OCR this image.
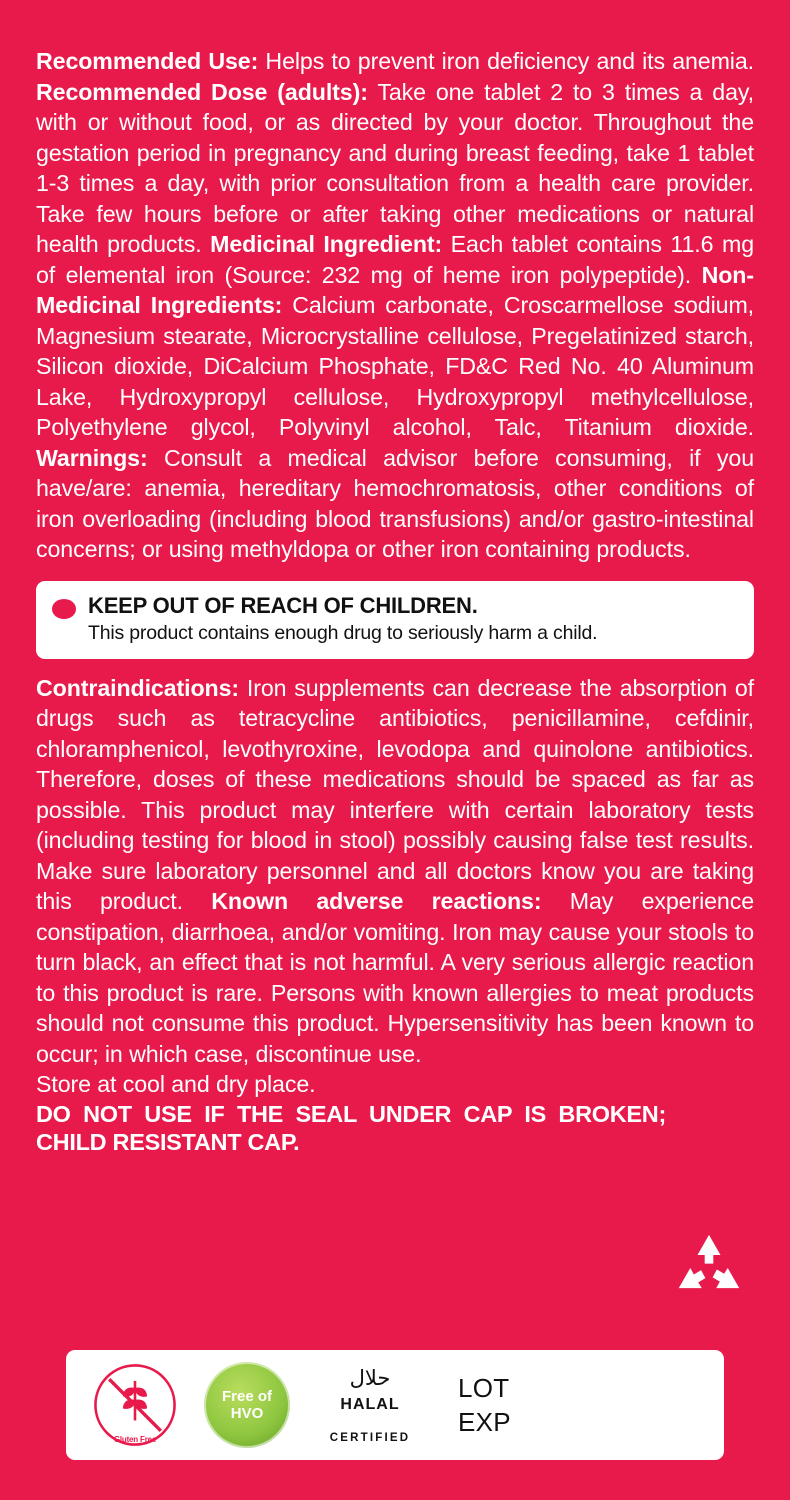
Recommended Use: Helps to prevent iron deficiency and its anemia. Recommended Dose (adults): Take one tablet 2 to 3 times a day, with or without food, or as directed by your doctor. Throughout the gestation period in pregnancy and during breast feeding, take 1 tablet 1-3 times a day, with prior consultation from a health care provider. Take few hours before or after taking other medications or natural health products. Medicinal Ingredient: Each tablet contains 11.6 mg of elemental iron (Source: 232 mg of heme iron polypeptide). Non-Medicinal Ingredients: Calcium carbonate, Croscarmellose sodium, Magnesium stearate, Microcrystalline cellulose, Pregelatinized starch, Silicon dioxide, DiCalcium Phosphate, FD&C Red No. 40 Aluminum Lake, Hydroxypropyl cellulose, Hydroxypropyl methylcellulose, Polyethylene glycol, Polyvinyl alcohol, Talc, Titanium dioxide. Warnings: Consult a medical advisor before consuming, if you have/are: anemia, hereditary hemochromatosis, other conditions of iron overloading (including blood transfusions) and/or gastro-intestinal concerns; or using methyldopa or other iron containing products.

KEEP OUT OF REACH OF CHILDREN.
This product contains enough drug to seriously harm a child.

Contraindications: Iron supplements can decrease the absorption of drugs such as tetracycline antibiotics, penicillamine, cefdinir, chloramphenicol, levothyroxine, levodopa and quinolone antibiotics. Therefore, doses of these medications should be spaced as far as possible. This product may interfere with certain laboratory tests (including testing for blood in stool) possibly causing false test results. Make sure laboratory personnel and all doctors know you are taking this product. Known adverse reactions: May experience constipation, diarrhoea, and/or vomiting. Iron may cause your stools to turn black, an effect that is not harmful. A very serious allergic reaction to this product is rare. Persons with known allergies to meat products should not consume this product. Hypersensitivity has been known to occur; in which case, discontinue use.

Store at cool and dry place.

DO NOT USE IF THE SEAL UNDER CAP IS BROKEN; CHILD RESISTANT CAP.

Gluten Free
Free of
HVO
حلال
HALAL
CERTIFIED
LOT
EXP
